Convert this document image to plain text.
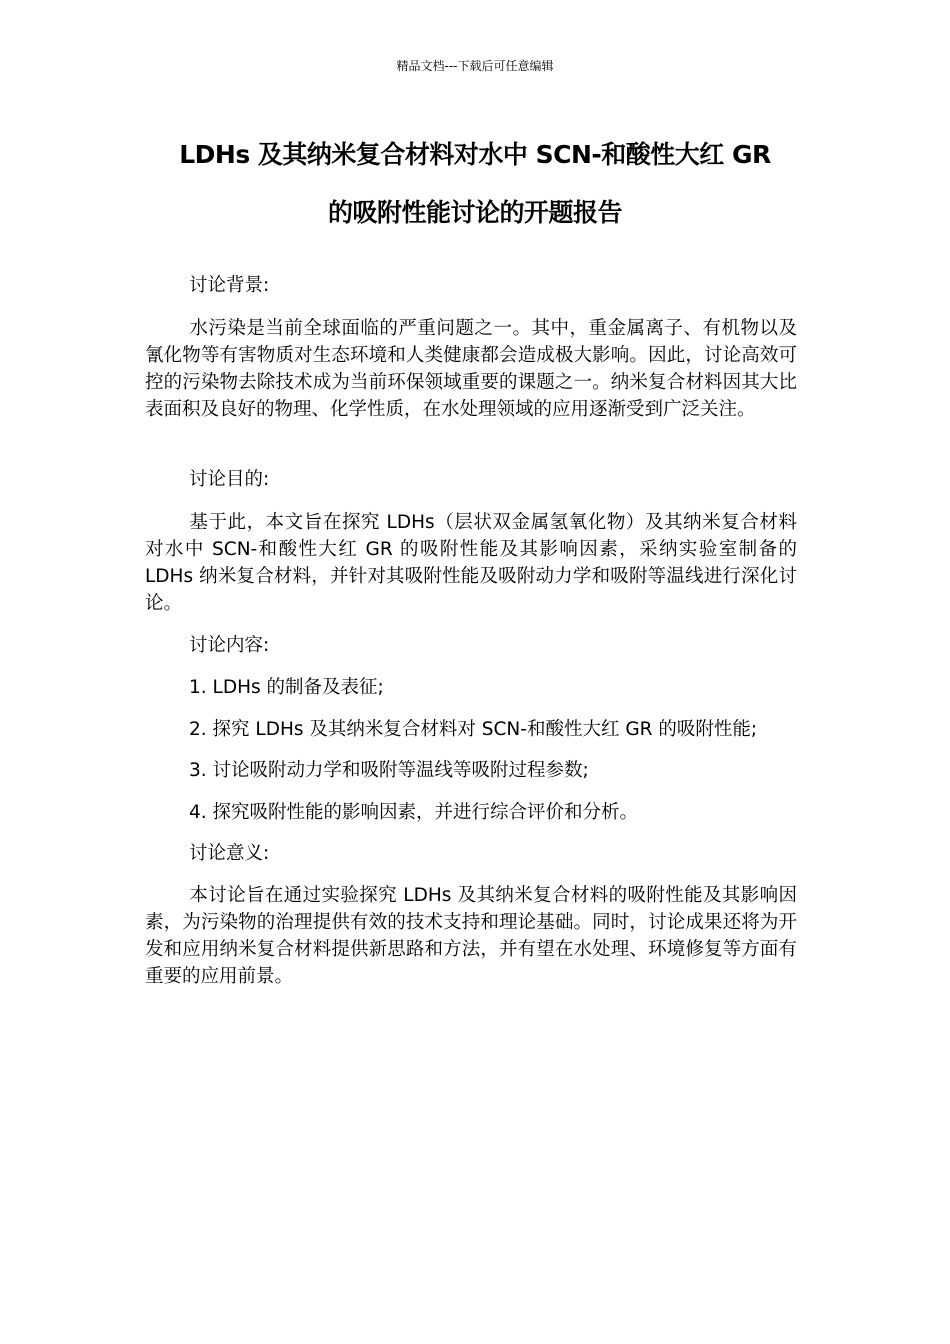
精品文档---下载后可任意编辑
LDHs 及其纳米复合材料对水中 SCN-和酸性大红 GR
的吸附性能讨论的开题报告
讨论背景:
水污染是当前全球面临的严重问题之一。其中，重金属离子、有机物以及氰化物等有害物质对生态环境和人类健康都会造成极大影响。因此，讨论高效可控的污染物去除技术成为当前环保领域重要的课题之一。纳米复合材料因其大比表面积及良好的物理、化学性质，在水处理领域的应用逐渐受到广泛关注。
讨论目的:
基于此，本文旨在探究 LDHs（层状双金属氢氧化物）及其纳米复合材料对水中 SCN-和酸性大红 GR 的吸附性能及其影响因素，采纳实验室制备的 LDHs 纳米复合材料，并针对其吸附性能及吸附动力学和吸附等温线进行深化讨论。
讨论内容:
1. LDHs 的制备及表征;
2. 探究 LDHs 及其纳米复合材料对 SCN-和酸性大红 GR 的吸附性能;
3. 讨论吸附动力学和吸附等温线等吸附过程参数;
4. 探究吸附性能的影响因素，并进行综合评价和分析。
讨论意义:
本讨论旨在通过实验探究 LDHs 及其纳米复合材料的吸附性能及其影响因素，为污染物的治理提供有效的技术支持和理论基础。同时，讨论成果还将为开发和应用纳米复合材料提供新思路和方法，并有望在水处理、环境修复等方面有重要的应用前景。
